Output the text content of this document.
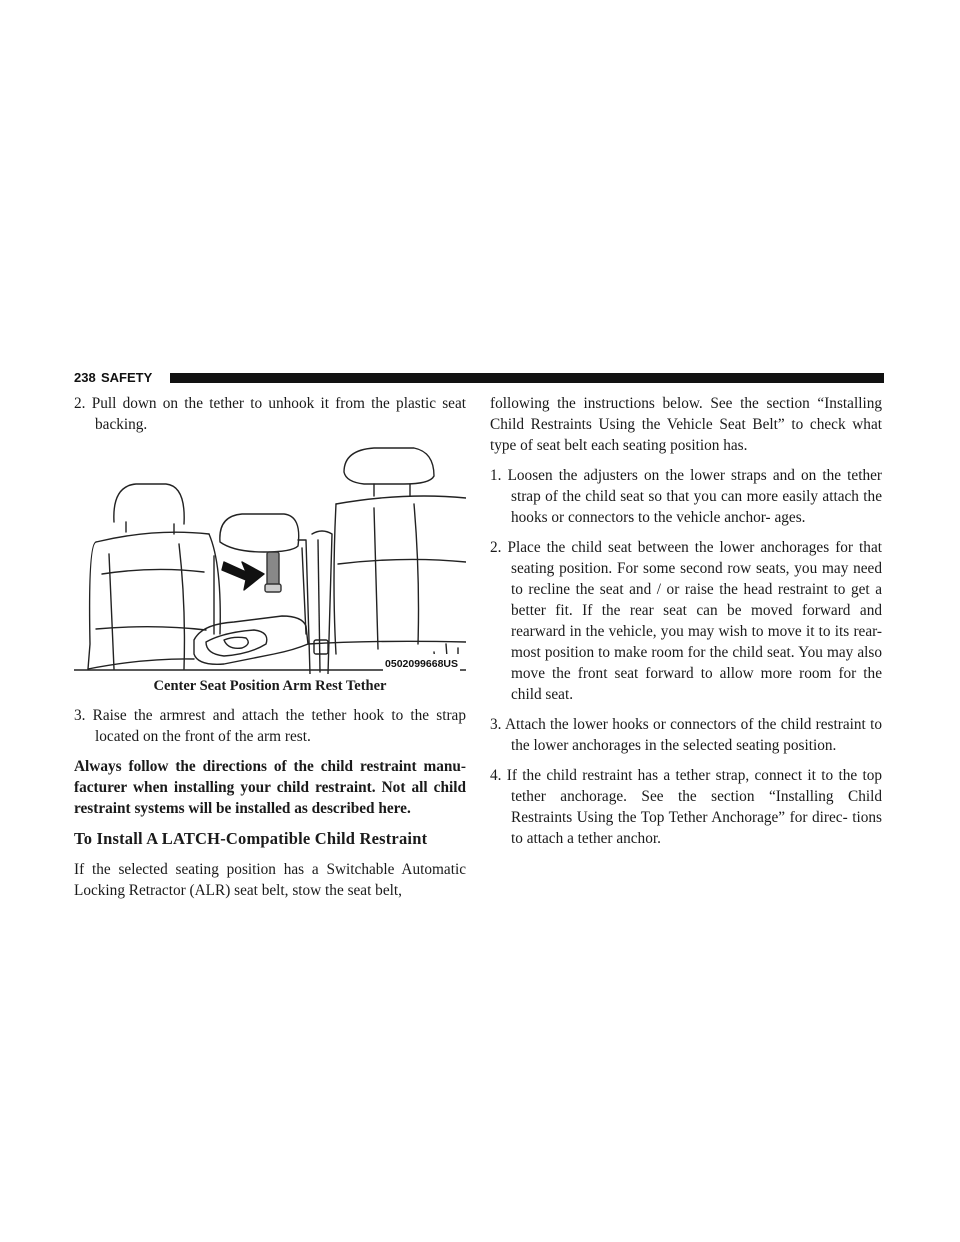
238 SAFETY

2. Pull down on the tether to unhook it from the plastic seat backing.

0502099668US

Center Seat Position Arm Rest Tether

3. Raise the armrest and attach the tether hook to the strap located on the front of the arm rest.

Always follow the directions of the child restraint manu- facturer when installing your child restraint. Not all child restraint systems will be installed as described here.

To Install A LATCH-Compatible Child Restraint

If the selected seating position has a Switchable Automatic Locking Retractor (ALR) seat belt, stow the seat belt,

following the instructions below. See the section “Installing Child Restraints Using the Vehicle Seat Belt” to check what type of seat belt each seating position has.

1. Loosen the adjusters on the lower straps and on the tether strap of the child seat so that you can more easily attach the hooks or connectors to the vehicle anchor- ages.

2. Place the child seat between the lower anchorages for that seating position. For some second row seats, you may need to recline the seat and / or raise the head restraint to get a better fit. If the rear seat can be moved forward and rearward in the vehicle, you may wish to move it to its rear-most position to make room for the child seat. You may also move the front seat forward to allow more room for the child seat.

3. Attach the lower hooks or connectors of the child restraint to the lower anchorages in the selected seating position.

4. If the child restraint has a tether strap, connect it to the top tether anchorage. See the section “Installing Child Restraints Using the Top Tether Anchorage” for direc- tions to attach a tether anchor.
